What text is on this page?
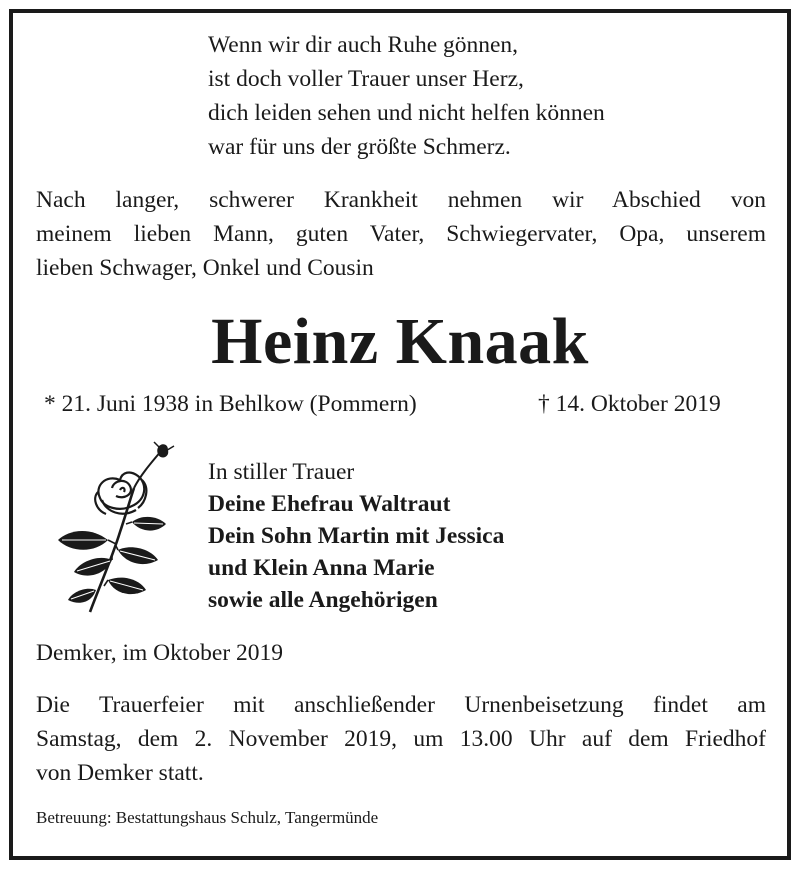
Wenn wir dir auch Ruhe gönnen,
ist doch voller Trauer unser Herz,
dich leiden sehen und nicht helfen können
war für uns der größte Schmerz.
Nach langer, schwerer Krankheit nehmen wir Abschied von
meinem lieben Mann, guten Vater, Schwiegervater, Opa, unserem
lieben Schwager, Onkel und Cousin
Heinz Knaak
* 21. Juni 1938 in Behlkow (Pommern)	† 14. Oktober 2019
In stiller Trauer
Deine Ehefrau Waltraut
Dein Sohn Martin mit Jessica
und Klein Anna Marie
sowie alle Angehörigen
Demker, im Oktober 2019
Die Trauerfeier mit anschließender Urnenbeisetzung findet am
Samstag, dem 2. November 2019, um 13.00 Uhr auf dem Friedhof
von Demker statt.
Betreuung: Bestattungshaus Schulz, Tangermünde
